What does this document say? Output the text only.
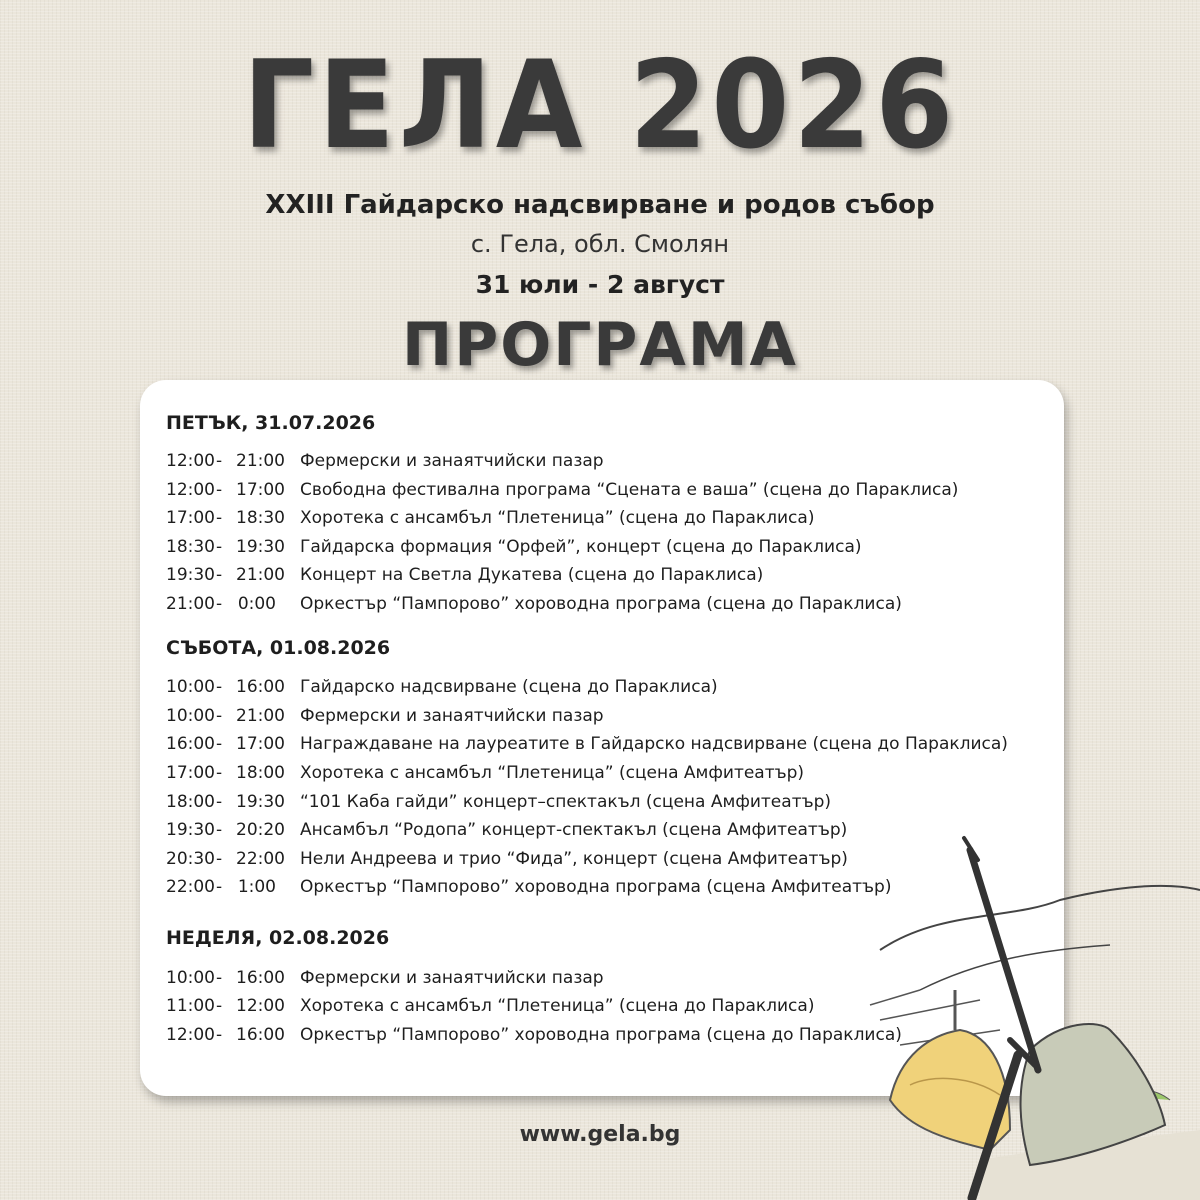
ГЕЛА 2026
XXIII Гайдарско надсвирване и родов събор
с. Гела, обл. Смолян
31 юли - 2 август
ПРОГРАМА
ПЕТЪК, 31.07.2026
12:00 - 21:00 Фермерски и занаятчийски пазар
12:00 - 17:00 Свободна фестивална програма “Сцената е ваша” (сцена до Параклиса)
17:00 - 18:30 Хоротека с ансамбъл “Плетеница” (сцена до Параклиса)
18:30 - 19:30 Гайдарска формация “Орфей”, концерт (сцена до Параклиса)
19:30 - 21:00 Концерт на Светла Дукатева (сцена до Параклиса)
21:00 - 0:00 Оркестър “Пампорово” хороводна програма (сцена до Параклиса)
СЪБОТА, 01.08.2026
10:00 - 16:00 Гайдарско надсвирване (сцена до Параклиса)
10:00 - 21:00 Фермерски и занаятчийски пазар
16:00 - 17:00 Награждаване на лауреатите в Гайдарско надсвирване (сцена до Параклиса)
17:00 - 18:00 Хоротека с ансамбъл “Плетеница” (сцена Амфитеатър)
18:00 - 19:30 “101 Каба гайди” концерт–спектакъл (сцена Амфитеатър)
19:30 - 20:20 Ансамбъл “Родопа” концерт-спектакъл (сцена Амфитеатър)
20:30 - 22:00 Нели Андреева и трио “Фида”, концерт (сцена Амфитеатър)
22:00 - 1:00 Оркестър “Пампорово” хороводна програма (сцена Амфитеатър)
НЕДЕЛЯ, 02.08.2026
10:00 - 16:00 Фермерски и занаятчийски пазар
11:00 - 12:00 Хоротека с ансамбъл “Плетеница” (сцена до Параклиса)
12:00 - 16:00 Оркестър “Пампорово” хороводна програма (сцена до Параклиса)
www.gela.bg
